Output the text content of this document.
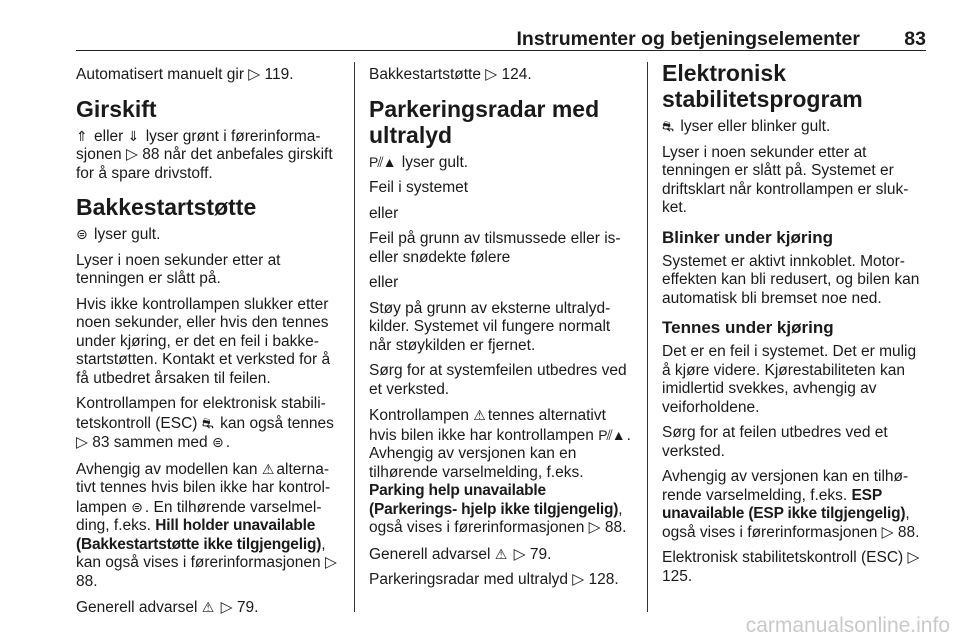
Instrumenter og betjeningselementer 83

Automatisert manuelt gir ▷ 119.

Girskift

⇑ eller ⇓ lyser grønt i førerinforma- sjonen ▷ 88 når det anbefales girskift for å spare drivstoff.

Bakkestartstøtte

⊜ lyser gult.

Lyser i noen sekunder etter at tenningen er slått på.

Hvis ikke kontrollampen slukker etter noen sekunder, eller hvis den tennes under kjøring, er det en feil i bakke- startstøtten. Kontakt et verksted for å få utbedret årsaken til feilen.

Kontrollampen for elektronisk stabili- tetskontroll (ESC) ⛐ kan også tennes ▷ 83 sammen med ⊜ .

Avhengig av modellen kan ⚠ alterna- tivt tennes hvis bilen ikke har kontrol- lampen ⊜ . En tilhørende varselmel- ding, f.eks. Hill holder unavailable (Bakkestartstøtte ikke tilgjengelig), kan også vises i førerinformasjonen ▷ 88.

Generell advarsel ⚠ ▷ 79.

Bakkestartstøtte ▷ 124.

Parkeringsradar med ultralyd

P⫽▲ lyser gult.

Feil i systemet

eller

Feil på grunn av tilsmussede eller is- eller snødekte følere

eller

Støy på grunn av eksterne ultralyd- kilder. Systemet vil fungere normalt når støykilden er fjernet.

Sørg for at systemfeilen utbedres ved et verksted.

Kontrollampen ⚠ tennes alternativt hvis bilen ikke har kontrollampen P⫽▲ . Avhengig av versjonen kan en tilhørende varselmelding, f.eks. Parking help unavailable (Parkerings- hjelp ikke tilgjengelig), også vises i førerinformasjonen ▷ 88.

Generell advarsel ⚠ ▷ 79.

Parkeringsradar med ultralyd ▷ 128.

Elektronisk stabilitetsprogram

⛐ lyser eller blinker gult.

Lyser i noen sekunder etter at tenningen er slått på. Systemet er driftsklart når kontrollampen er sluk- ket.

Blinker under kjøring

Systemet er aktivt innkoblet. Motor- effekten kan bli redusert, og bilen kan automatisk bli bremset noe ned.

Tennes under kjøring

Det er en feil i systemet. Det er mulig å kjøre videre. Kjørestabiliteten kan imidlertid svekkes, avhengig av veiforholdene.

Sørg for at feilen utbedres ved et verksted.

Avhengig av versjonen kan en tilhø- rende varselmelding, f.eks. ESP unavailable (ESP ikke tilgjengelig), også vises i førerinformasjonen ▷ 88.

Elektronisk stabilitetskontroll (ESC) ▷ 125.

carmanualsonline.info
